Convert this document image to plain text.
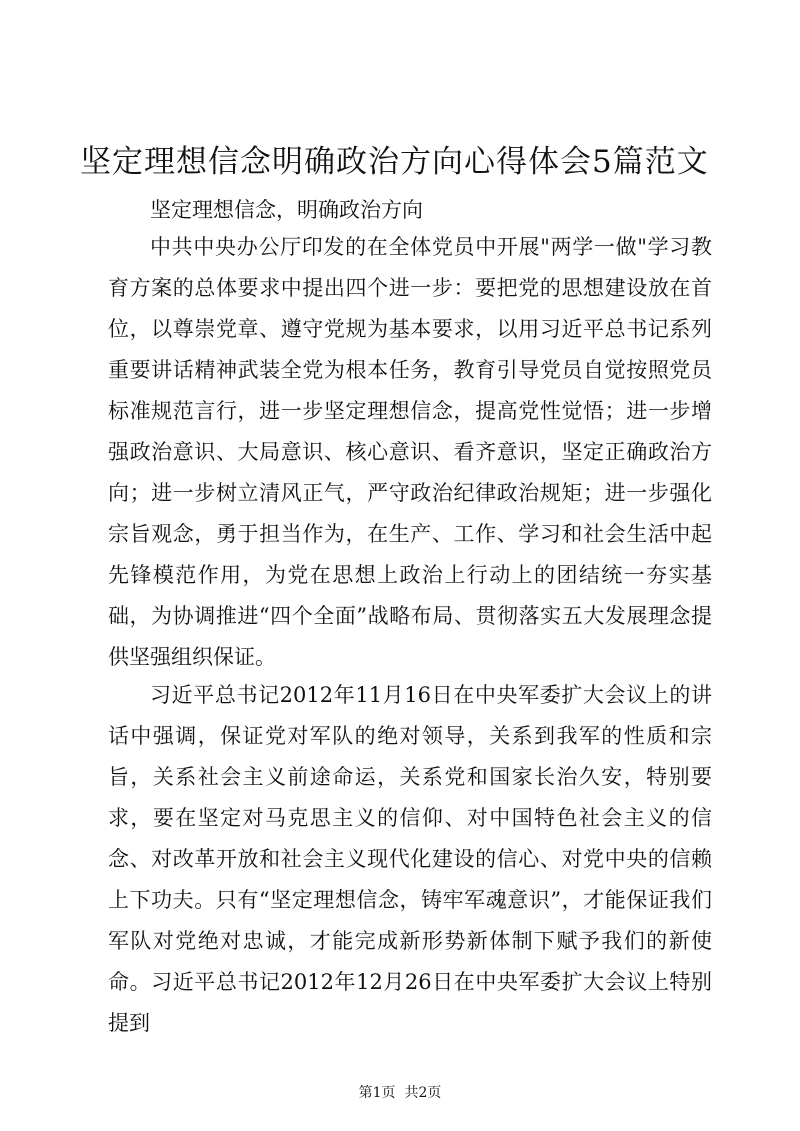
坚定理想信念明确政治方向心得体会5篇范文

坚定理想信念，明确政治方向

中共中央办公厅印发的在全体党员中开展"两学一做"学习教育方案的总体要求中提出四个进一步：要把党的思想建设放在首位，以尊崇党章、遵守党规为基本要求，以用习近平总书记系列重要讲话精神武装全党为根本任务，教育引导党员自觉按照党员标准规范言行，进一步坚定理想信念，提高党性觉悟；进一步增强政治意识、大局意识、核心意识、看齐意识，坚定正确政治方向；进一步树立清风正气，严守政治纪律政治规矩；进一步强化宗旨观念，勇于担当作为，在生产、工作、学习和社会生活中起先锋模范作用，为党在思想上政治上行动上的团结统一夯实基础，为协调推进“四个全面”战略布局、贯彻落实五大发展理念提供坚强组织保证。

习近平总书记2012年11月16日在中央军委扩大会议上的讲话中强调，保证党对军队的绝对领导，关系到我军的性质和宗旨，关系社会主义前途命运，关系党和国家长治久安，特别要求，要在坚定对马克思主义的信仰、对中国特色社会主义的信念、对改革开放和社会主义现代化建设的信心、对党中央的信赖上下功夫。只有“坚定理想信念，铸牢军魂意识”，才能保证我们军队对党绝对忠诚，才能完成新形势新体制下赋予我们的新使命。习近平总书记2012年12月26日在中央军委扩大会议上特别提到

第1页  共2页
